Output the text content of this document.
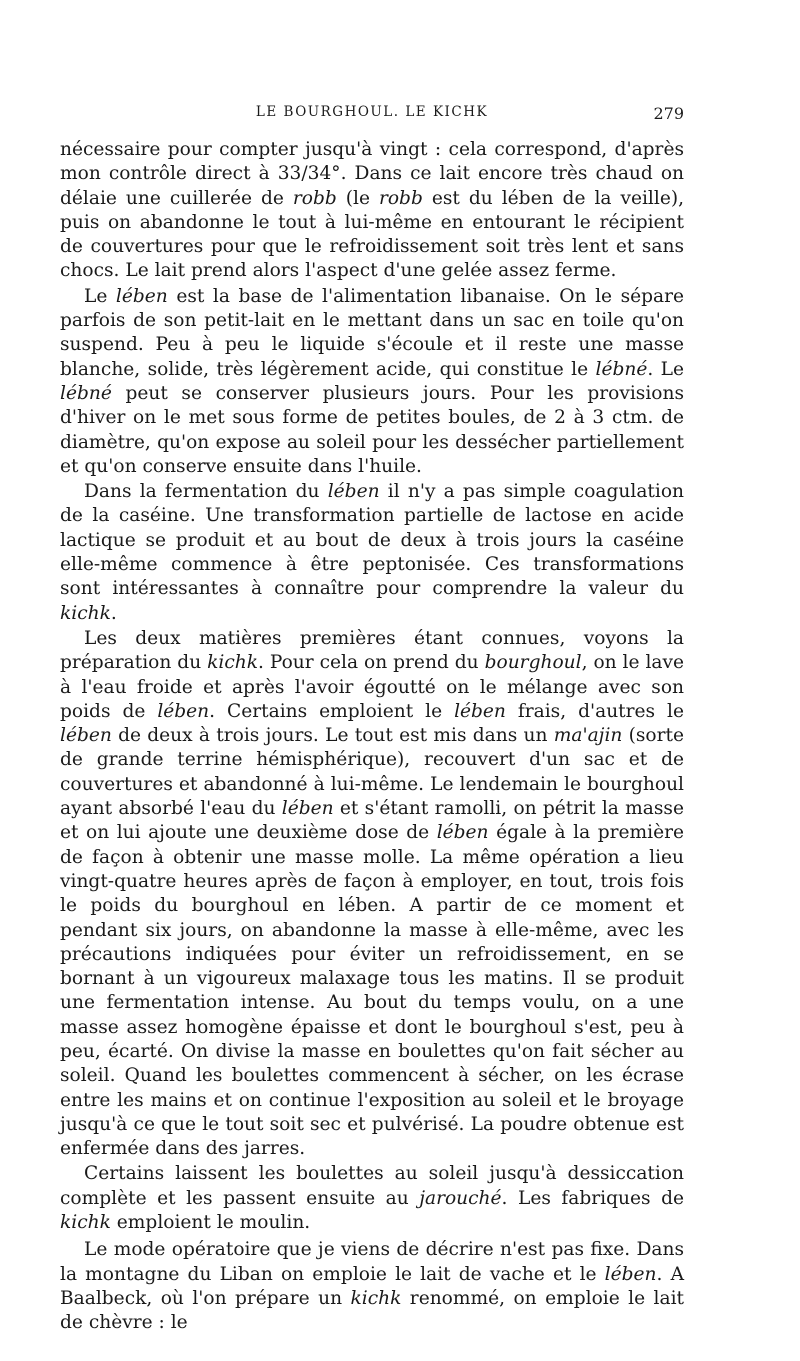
LE BOURGHOUL. LE KICHK	279

nécessaire pour compter jusqu'à vingt : cela correspond, d'après mon contrôle direct à 33/34°. Dans ce lait encore très chaud on délaie une cuillerée de robb (le robb est du lében de la veille), puis on abandonne le tout à lui-même en entourant le récipient de couvertures pour que le refroidissement soit très lent et sans chocs. Le lait prend alors l'aspect d'une gelée assez ferme.

Le lében est la base de l'alimentation libanaise. On le sépare parfois de son petit-lait en le mettant dans un sac en toile qu'on suspend. Peu à peu le liquide s'écoule et il reste une masse blanche, solide, très légèrement acide, qui constitue le lébné. Le lébné peut se conserver plusieurs jours. Pour les provisions d'hiver on le met sous forme de petites boules, de 2 à 3 ctm. de diamètre, qu'on expose au soleil pour les dessécher partiellement et qu'on conserve ensuite dans l'huile.

Dans la fermentation du lében il n'y a pas simple coagulation de la caséine. Une transformation partielle de lactose en acide lactique se produit et au bout de deux à trois jours la caséine elle-même commence à être peptonisée. Ces transformations sont intéressantes à connaître pour comprendre la valeur du kichk.

Les deux matières premières étant connues, voyons la préparation du kichk. Pour cela on prend du bourghoul, on le lave à l'eau froide et après l'avoir égoutté on le mélange avec son poids de lében. Certains emploient le lében frais, d'autres le lében de deux à trois jours. Le tout est mis dans un ma'ajin (sorte de grande terrine hémisphérique), recouvert d'un sac et de couvertures et abandonné à lui-même. Le lendemain le bourghoul ayant absorbé l'eau du lében et s'étant ramolli, on pétrit la masse et on lui ajoute une deuxième dose de lében égale à la première de façon à obtenir une masse molle. La même opération a lieu vingt-quatre heures après de façon à employer, en tout, trois fois le poids du bourghoul en lében. A partir de ce moment et pendant six jours, on abandonne la masse à elle-même, avec les précautions indiquées pour éviter un refroidissement, en se bornant à un vigoureux malaxage tous les matins. Il se produit une fermentation intense. Au bout du temps voulu, on a une masse assez homogène épaisse et dont le bourghoul s'est, peu à peu, écarté. On divise la masse en boulettes qu'on fait sécher au soleil. Quand les boulettes commencent à sécher, on les écrase entre les mains et on continue l'exposition au soleil et le broyage jusqu'à ce que le tout soit sec et pulvérisé. La poudre obtenue est enfermée dans des jarres.

Certains laissent les boulettes au soleil jusqu'à dessiccation complète et les passent ensuite au jarouché. Les fabriques de kichk emploient le moulin.

Le mode opératoire que je viens de décrire n'est pas fixe. Dans la montagne du Liban on emploie le lait de vache et le lében. A Baalbeck, où l'on prépare un kichk renommé, on emploie le lait de chèvre : le
